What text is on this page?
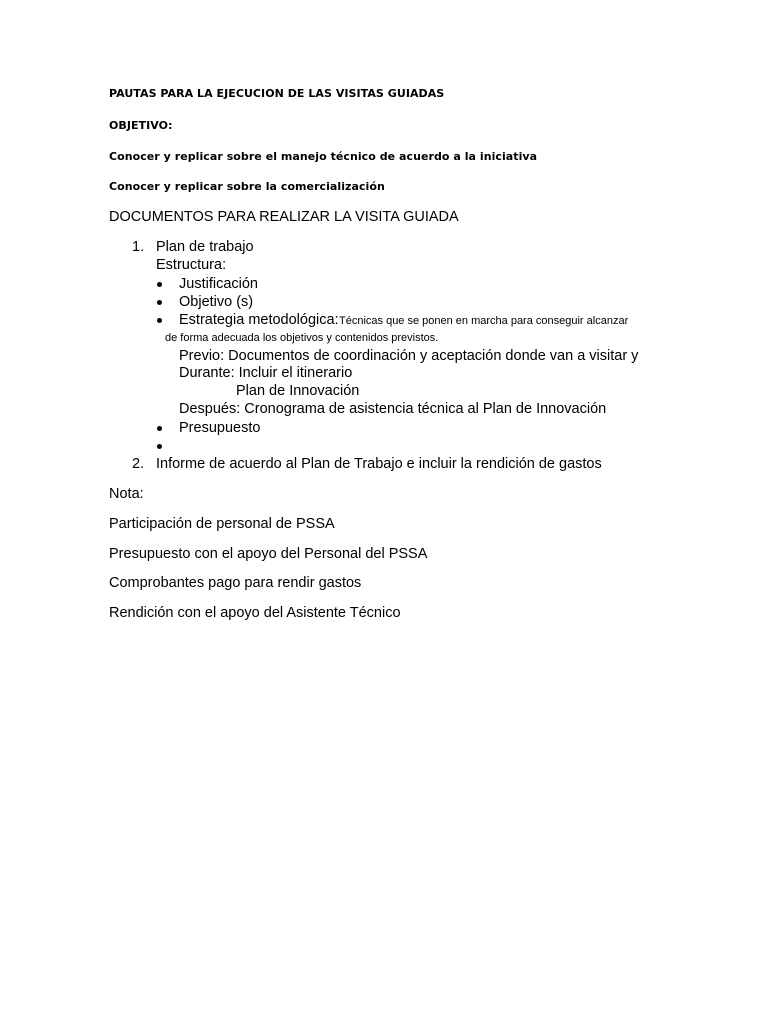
PAUTAS PARA LA EJECUCION DE LAS VISITAS GUIADAS
OBJETIVO:
Conocer y replicar sobre el manejo técnico de acuerdo a la iniciativa
Conocer y replicar sobre la comercialización
DOCUMENTOS PARA REALIZAR LA VISITA GUIADA
1. Plan de trabajo
Estructura:
Justificación
Objetivo (s)
Estrategia metodológica: Técnicas que se ponen en marcha para conseguir alcanzar
de forma adecuada los objetivos y contenidos previstos.
Previo: Documentos de coordinación y aceptación donde van a visitar y
Durante: Incluir el itinerario
Plan de Innovación
Después: Cronograma de asistencia técnica al Plan de Innovación
Presupuesto
2. Informe de acuerdo al Plan de Trabajo e incluir la rendición de gastos
Nota:
Participación de personal de PSSA
Presupuesto con el apoyo del Personal del PSSA
Comprobantes pago para rendir gastos
Rendición con el apoyo del Asistente Técnico
